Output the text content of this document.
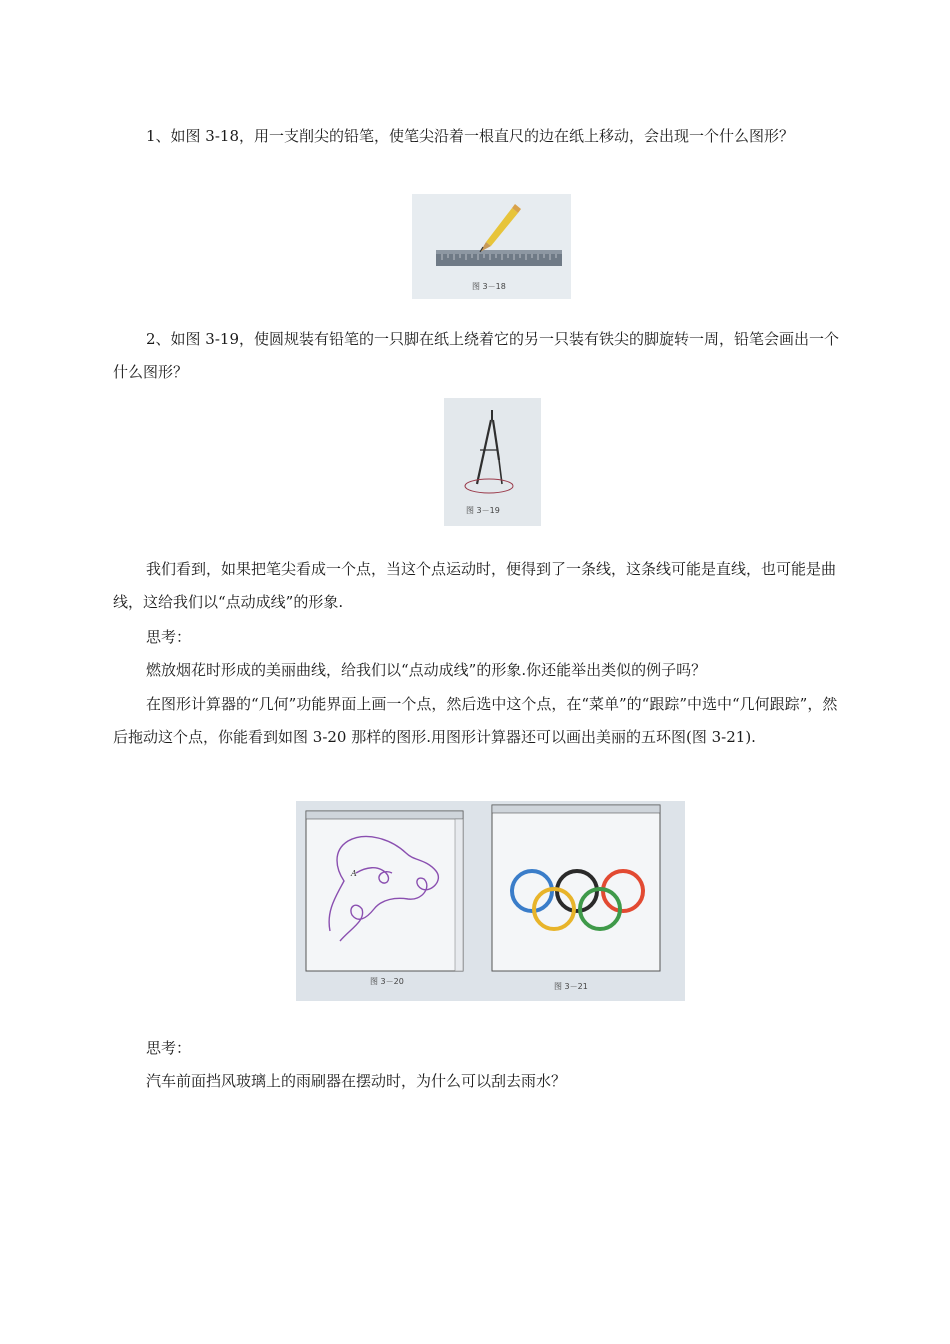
1、如图 3-18，用一支削尖的铅笔，使笔尖沿着一根直尺的边在纸上移动，会出现一个什么图形？

图 3－18

2、如图 3-19，使圆规装有铅笔的一只脚在纸上绕着它的另一只装有铁尖的脚旋转一周，铅笔会画出一个什么图形？

图 3－19

我们看到，如果把笔尖看成一个点，当这个点运动时，便得到了一条线，这条线可能是直线，也可能是曲线，这给我们以“点动成线”的形象.

思考：

燃放烟花时形成的美丽曲线，给我们以“点动成线”的形象.你还能举出类似的例子吗？

在图形计算器的“几何”功能界面上画一个点，然后选中这个点，在“菜单”的“跟踪”中选中“几何跟踪”，然后拖动这个点，你能看到如图 3-20 那样的图形.用图形计算器还可以画出美丽的五环图(图 3-21).

A
图 3－20
图 3－21

思考：

汽车前面挡风玻璃上的雨刷器在摆动时，为什么可以刮去雨水？
